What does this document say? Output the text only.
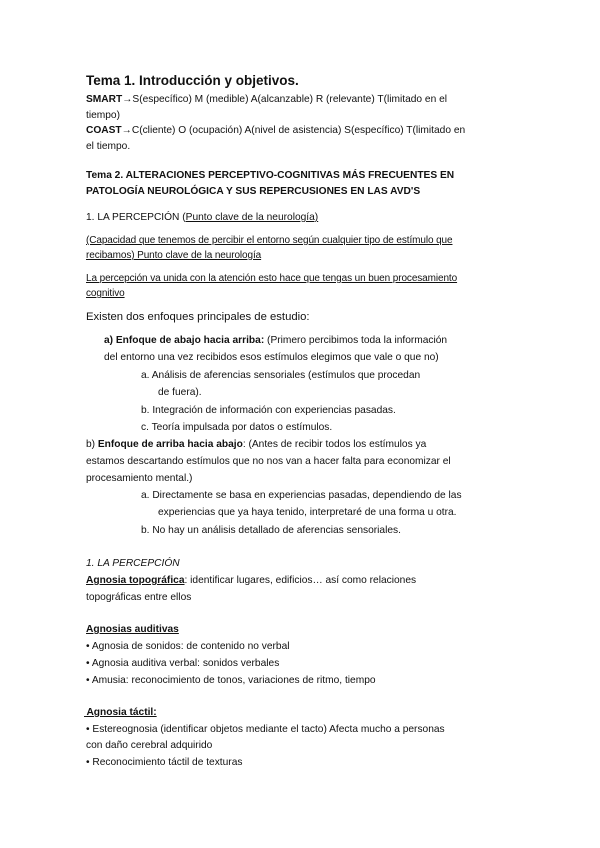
Tema 1. Introducción y objetivos.
SMART→S(específico) M (medible) A(alcanzable) R (relevante) T(limitado en el
tiempo)
COAST→C(cliente) O (ocupación) A(nivel de asistencia) S(específico) T(limitado en
el tiempo.
Tema 2. ALTERACIONES PERCEPTIVO-COGNITIVAS MÁS FRECUENTES EN
PATOLOGÍA NEUROLÓGICA Y SUS REPERCUSIONES EN LAS AVD'S
1. LA PERCEPCIÓN (Punto clave de la neurología)
(Capacidad que tenemos de percibir el entorno según cualquier tipo de estímulo que
recibamos) Punto clave de la neurología
La percepción va unida con la atención esto hace que tengas un buen procesamiento
cognitivo
Existen dos enfoques principales de estudio:
a) Enfoque de abajo hacia arriba: (Primero percibimos toda la información
del entorno una vez recibidos esos estímulos elegimos que vale o que no)
a. Análisis de aferencias sensoriales (estímulos que procedan
de fuera).
b. Integración de información con experiencias pasadas.
c. Teoría impulsada por datos o estímulos.
b) Enfoque de arriba hacia abajo: (Antes de recibir todos los estímulos ya
estamos descartando estímulos que no nos van a hacer falta para economizar el
procesamiento mental.)
a. Directamente se basa en experiencias pasadas, dependiendo de las
experiencias que ya haya tenido, interpretaré de una forma u otra.
b. No hay un análisis detallado de aferencias sensoriales.
1. LA PERCEPCIÓN
Agnosia topográfica: identificar lugares, edificios… así como relaciones
topográficas entre ellos
Agnosias auditivas
• Agnosia de sonidos: de contenido no verbal
• Agnosia auditiva verbal: sonidos verbales
• Amusia: reconocimiento de tonos, variaciones de ritmo, tiempo
Agnosia táctil:
• Estereognosia (identificar objetos mediante el tacto) Afecta mucho a personas
con daño cerebral adquirido
• Reconocimiento táctil de texturas
